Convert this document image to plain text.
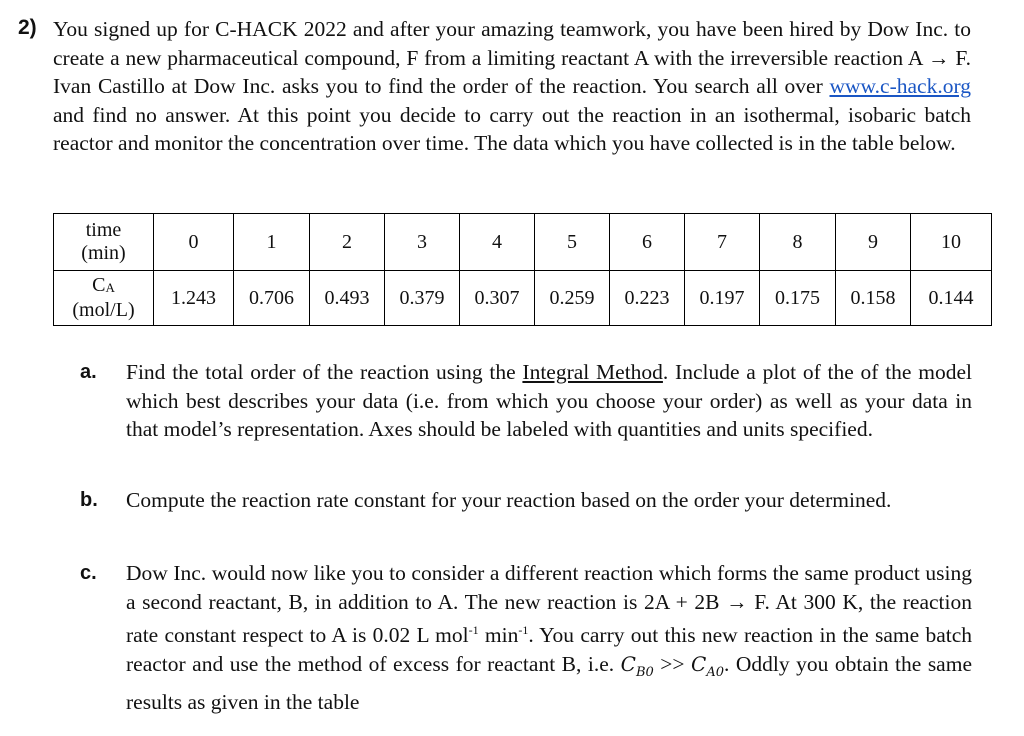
2) You signed up for C-HACK 2022 and after your amazing teamwork, you have been hired by Dow Inc. to create a new pharmaceutical compound, F from a limiting reactant A with the irreversible reaction A → F. Ivan Castillo at Dow Inc. asks you to find the order of the reaction. You search all over www.c-hack.org and find no answer. At this point you decide to carry out the reaction in an isothermal, isobaric batch reactor and monitor the concentration over time. The data which you have collected is in the table below.

time
(min)	0	1	2	3	4	5	6	7	8	9	10
CA
(mol/L)	1.243	0.706	0.493	0.379	0.307	0.259	0.223	0.197	0.175	0.158	0.144
a. Find the total order of the reaction using the Integral Method. Include a plot of the of the model which best describes your data (i.e. from which you choose your order) as well as your data in that model’s representation. Axes should be labeled with quantities and units specified.
b. Compute the reaction rate constant for your reaction based on the order your determined.
c. Dow Inc. would now like you to consider a different reaction which forms the same product using a second reactant, B, in addition to A. The new reaction is 2A + 2B → F. At 300 K, the reaction rate constant respect to A is 0.02 L mol$^{-1}$ $\min^{-1}$. You carry out this new reaction in the same batch reactor and use the method of excess for reactant B, i.e. $C_{B0} >> C_{A0}$. Oddly you obtain the same results as given in the table
